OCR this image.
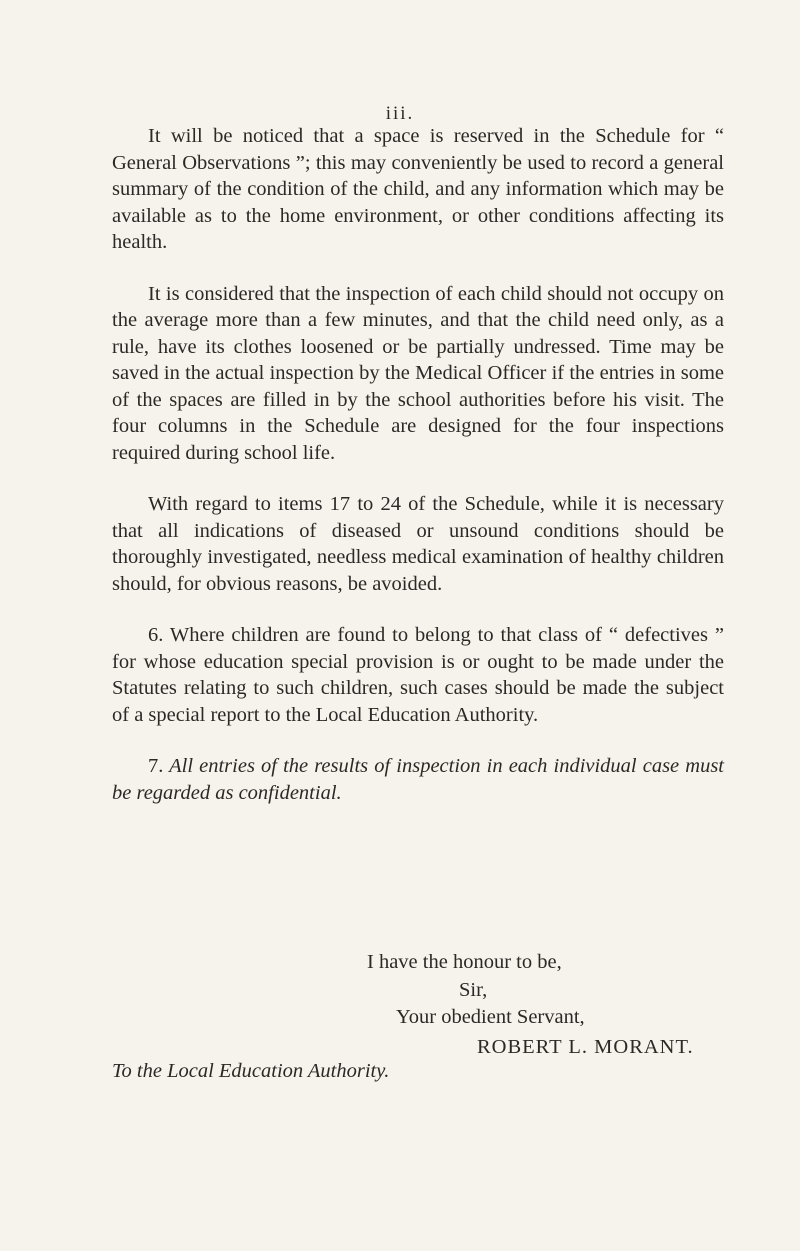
iii.

It will be noticed that a space is reserved in the Schedule for “ General Observations ”; this may conveniently be used to record a general summary of the condition of the child, and any information which may be available as to the home environment, or other conditions affecting its health.

It is considered that the inspection of each child should not occupy on the average more than a few minutes, and that the child need only, as a rule, have its clothes loosened or be partially undressed. Time may be saved in the actual inspection by the Medical Officer if the entries in some of the spaces are filled in by the school authorities before his visit. The four columns in the Schedule are designed for the four inspections required during school life.

With regard to items 17 to 24 of the Schedule, while it is necessary that all indications of diseased or unsound conditions should be thoroughly investigated, needless medical examination of healthy children should, for obvious reasons, be avoided.

6. Where children are found to belong to that class of “ defectives ” for whose education special provision is or ought to be made under the Statutes relating to such children, such cases should be made the subject of a special report to the Local Education Authority.

7. All entries of the results of inspection in each individual case must be regarded as confidential.

I have the honour to be,
Sir,
Your obedient Servant,
ROBERT L. MORANT.
To the Local Education Authority.
